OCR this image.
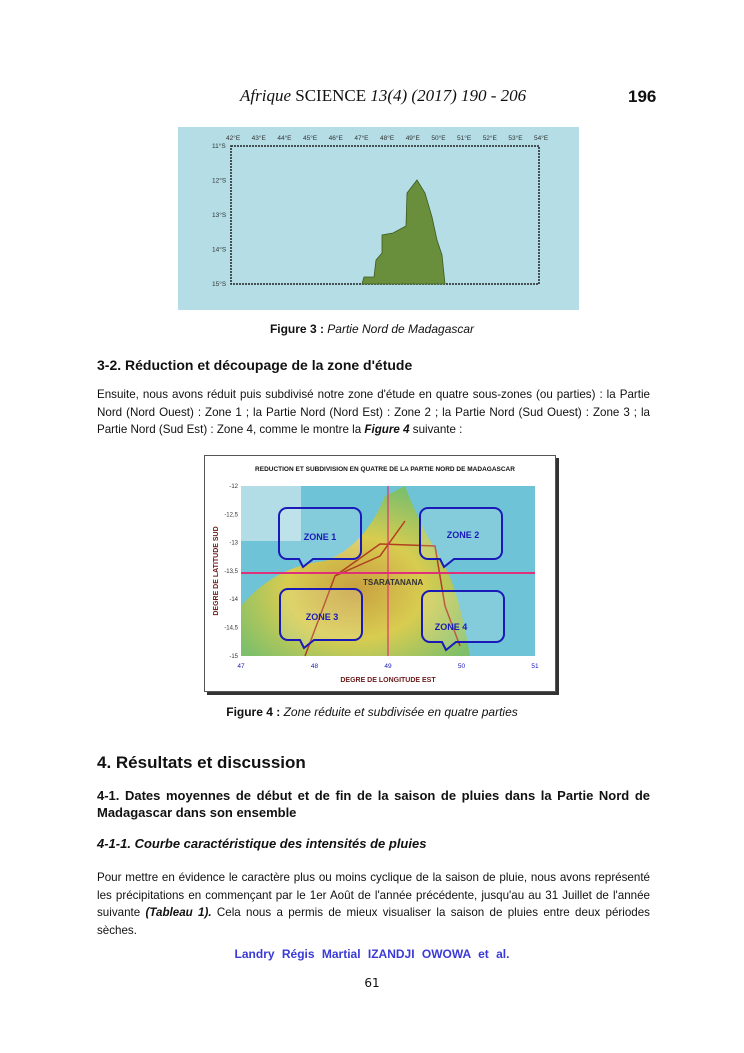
Afrique SCIENCE 13(4) (2017) 190 - 206	196
42°E 43°E 44°E 45°E 46°E 47°E 48°E 49°E 50°E 51°E 52°E 53°E 54°E
11°S
12°S
13°S
14°S
15°S
Figure 3 : Partie Nord de Madagascar
3-2. Réduction et découpage de la zone d'étude

Ensuite, nous avons réduit puis subdivisé notre zone d'étude en quatre sous-zones (ou parties) : la Partie Nord (Nord Ouest) : Zone 1 ; la Partie Nord (Nord Est) : Zone 2 ; la Partie Nord (Sud Ouest) : Zone 3 ; la Partie Nord (Sud Est) : Zone 4, comme le montre la Figure 4 suivante :

REDUCTION ET SUBDIVISION EN QUATRE DE LA PARTIE NORD DE MADAGASCAR
TSARATANANA
ZONE 1	ZONE 2
ZONE 3
ZONE 4
-12
-12,5
-13
-13,5
-14
-14,5
-15
47	48	49	50	51
DEGRE DE LONGITUDE EST
DEGRE DE LATITUDE SUD
Figure 4 : Zone réduite et subdivisée en quatre parties
4. Résultats et discussion
4-1. Dates moyennes de début et de fin de la saison de pluies dans la Partie Nord de Madagascar dans son ensemble
4-1-1. Courbe caractéristique des intensités de pluies

Pour mettre en évidence le caractère plus ou moins cyclique de la saison de pluie, nous avons représenté les précipitations en commençant par le 1er Août de l'année précédente, jusqu'au au 31 Juillet de l'année suivante (Tableau 1). Cela nous a permis de mieux visualiser la saison de pluies entre deux périodes sèches.

Landry Régis Martial IZANDJI OWOWA et al.
61
